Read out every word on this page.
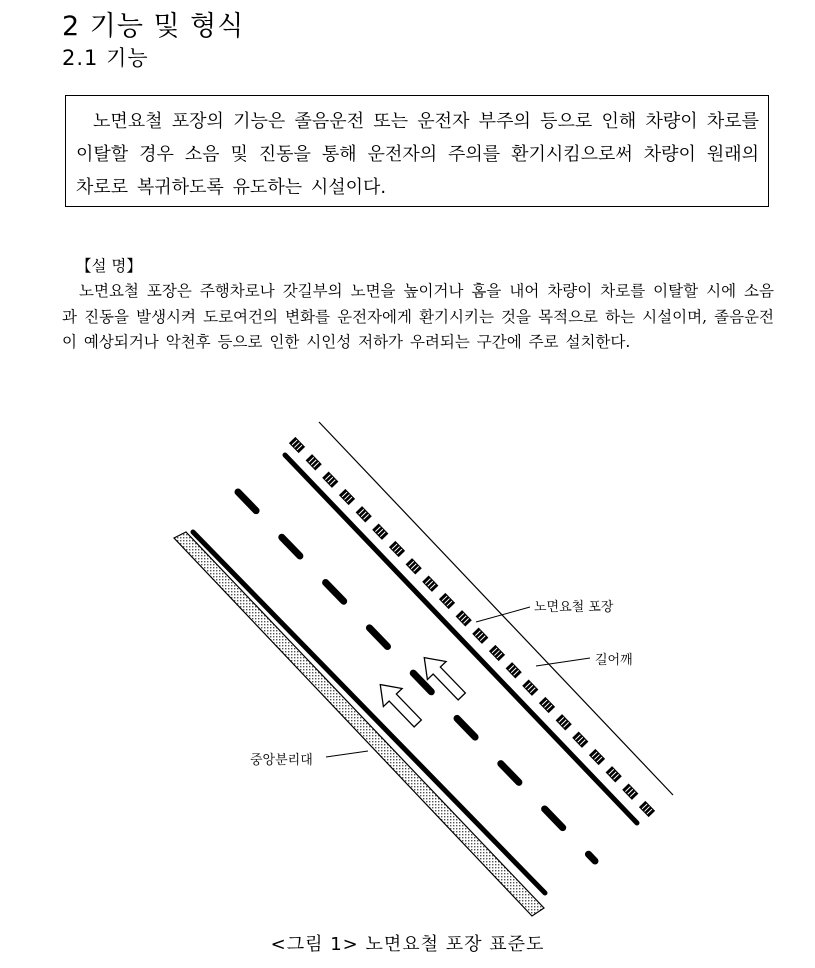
2 기능 및 형식
2.1 기능
노면요철 포장의 기능은 졸음운전 또는 운전자 부주의 등으로 인해 차량이 차로를 이탈할 경우 소음 및 진동을 통해 운전자의 주의를 환기시킴으로써 차량이 원래의 차로로 복귀하도록 유도하는 시설이다.
【설 명】
노면요철 포장은 주행차로나 갓길부의 노면을 높이거나 홈을 내어 차량이 차로를 이탈할 시에 소음과 진동을 발생시켜 도로여건의 변화를 운전자에게 환기시키는 것을 목적으로 하는 시설이며, 졸음운전이 예상되거나 악천후 등으로 인한 시인성 저하가 우려되는 구간에 주로 설치한다.
노면요철 포장
길어깨
중앙분리대
<그림 1> 노면요철 포장 표준도
